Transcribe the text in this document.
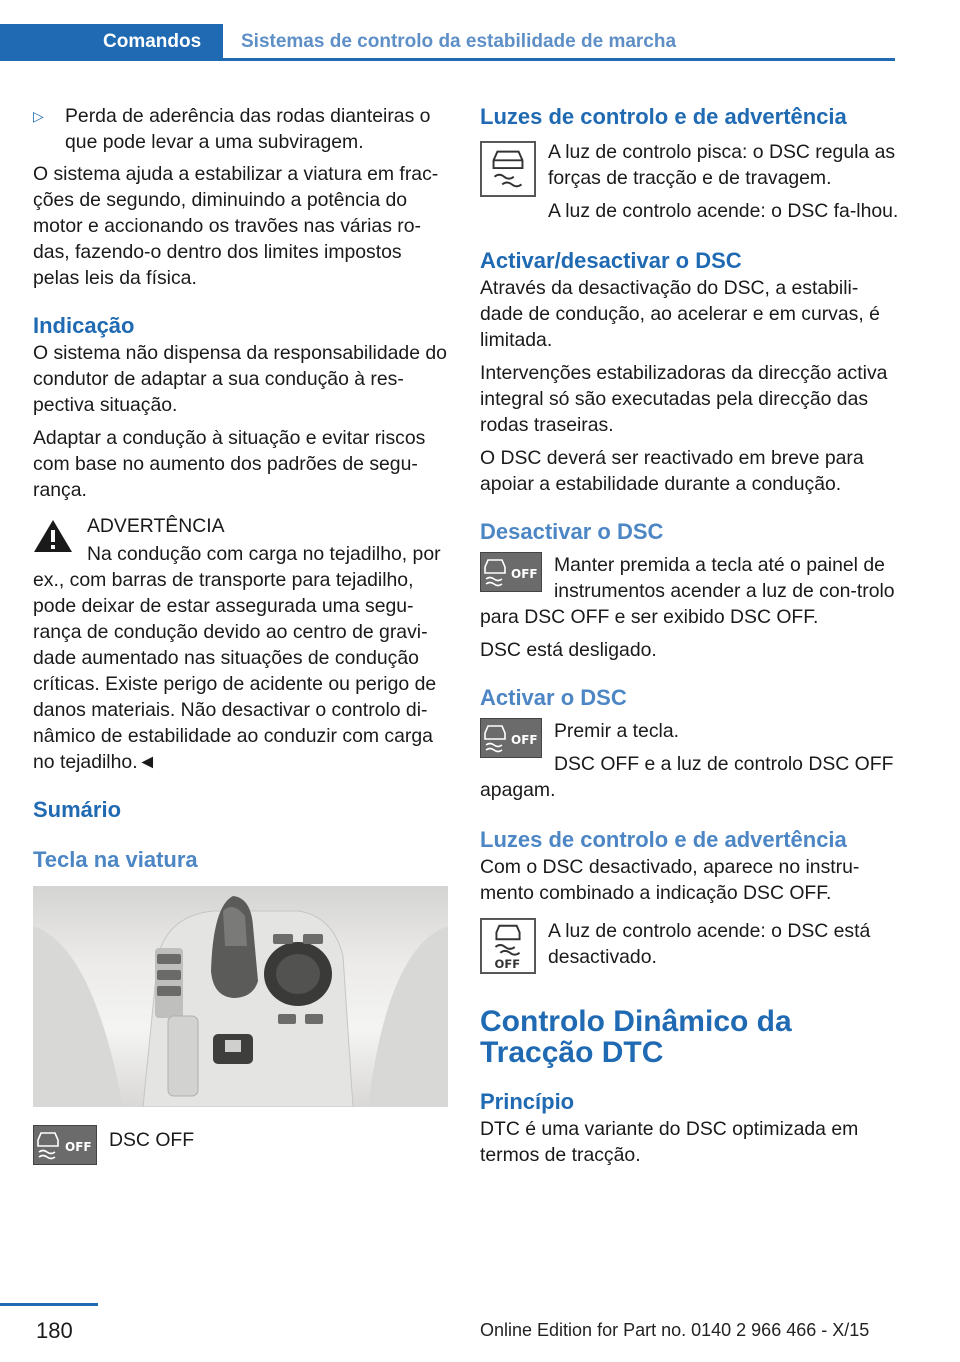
Comandos	Sistemas de controlo da estabilidade de marcha
▷	Perda de aderência das rodas dianteiras o que pode levar a uma subviragem.

O sistema ajuda a estabilizar a viatura em frac-ções de segundo, diminuindo a potência do motor e accionando os travões nas várias ro-das, fazendo-o dentro dos limites impostos pelas leis da física.

Indicação

O sistema não dispensa da responsabilidade do condutor de adaptar a sua condução à res-pectiva situação.

Adaptar a condução à situação e evitar riscos com base no aumento dos padrões de segu-rança.

ADVERTÊNCIA

Na condução com carga no tejadilho, por ex., com barras de transporte para tejadilho, pode deixar de estar assegurada uma segu-rança de condução devido ao centro de gravi-dade aumentado nas situações de condução críticas. Existe perigo de acidente ou perigo de danos materiais. Não desactivar o controlo di-nâmico de estabilidade ao conduzir com carga no tejadilho.◄

Sumário
Tecla na viatura
OFF DSC OFF

Luzes de controlo e de advertência

A luz de controlo pisca: o DSC regula as forças de tracção e de travagem.

A luz de controlo acende: o DSC fa-lhou.

Activar/desactivar o DSC

Através da desactivação do DSC, a estabili-dade de condução, ao acelerar e em curvas, é limitada.

Intervenções estabilizadoras da direcção activa integral só são executadas pela direcção das rodas traseiras.

O DSC deverá ser reactivado em breve para apoiar a estabilidade durante a condução.

Desactivar o DSC
OFF Manter premida a tecla até o painel de instrumentos acender a luz de con-trolo para DSC OFF e ser exibido DSC OFF.

DSC está desligado.

Activar o DSC
OFF Premir a tecla.

DSC OFF e a luz de controlo DSC OFF apagam.

Luzes de controlo e de advertência

Com o DSC desactivado, aparece no instru-mento combinado a indicação DSC OFF.

OFF

A luz de controlo acende: o DSC está desactivado.

Controlo Dinâmico da Tracção DTC
Princípio

DTC é uma variante do DSC optimizada em termos de tracção.

180	Online Edition for Part no. 0140 2 966 466 - X/15
